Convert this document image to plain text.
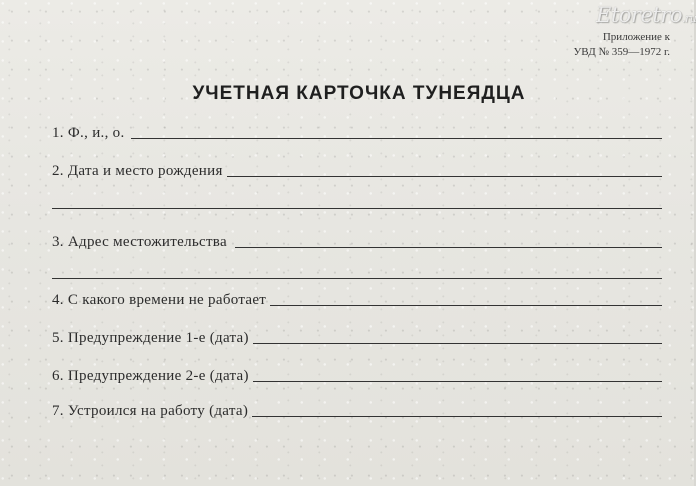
Etoretro.ru
Приложение к
УВД № 359—1972 г.
УЧЕТНАЯ КАРТОЧКА ТУНЕЯДЦА
1. Ф., и., о.
2. Дата и место рождения
3. Адрес местожительства
4. С какого времени не работает
5. Предупреждение 1-е (дата)
6. Предупреждение 2-е (дата)
7. Устроился на работу (дата)
